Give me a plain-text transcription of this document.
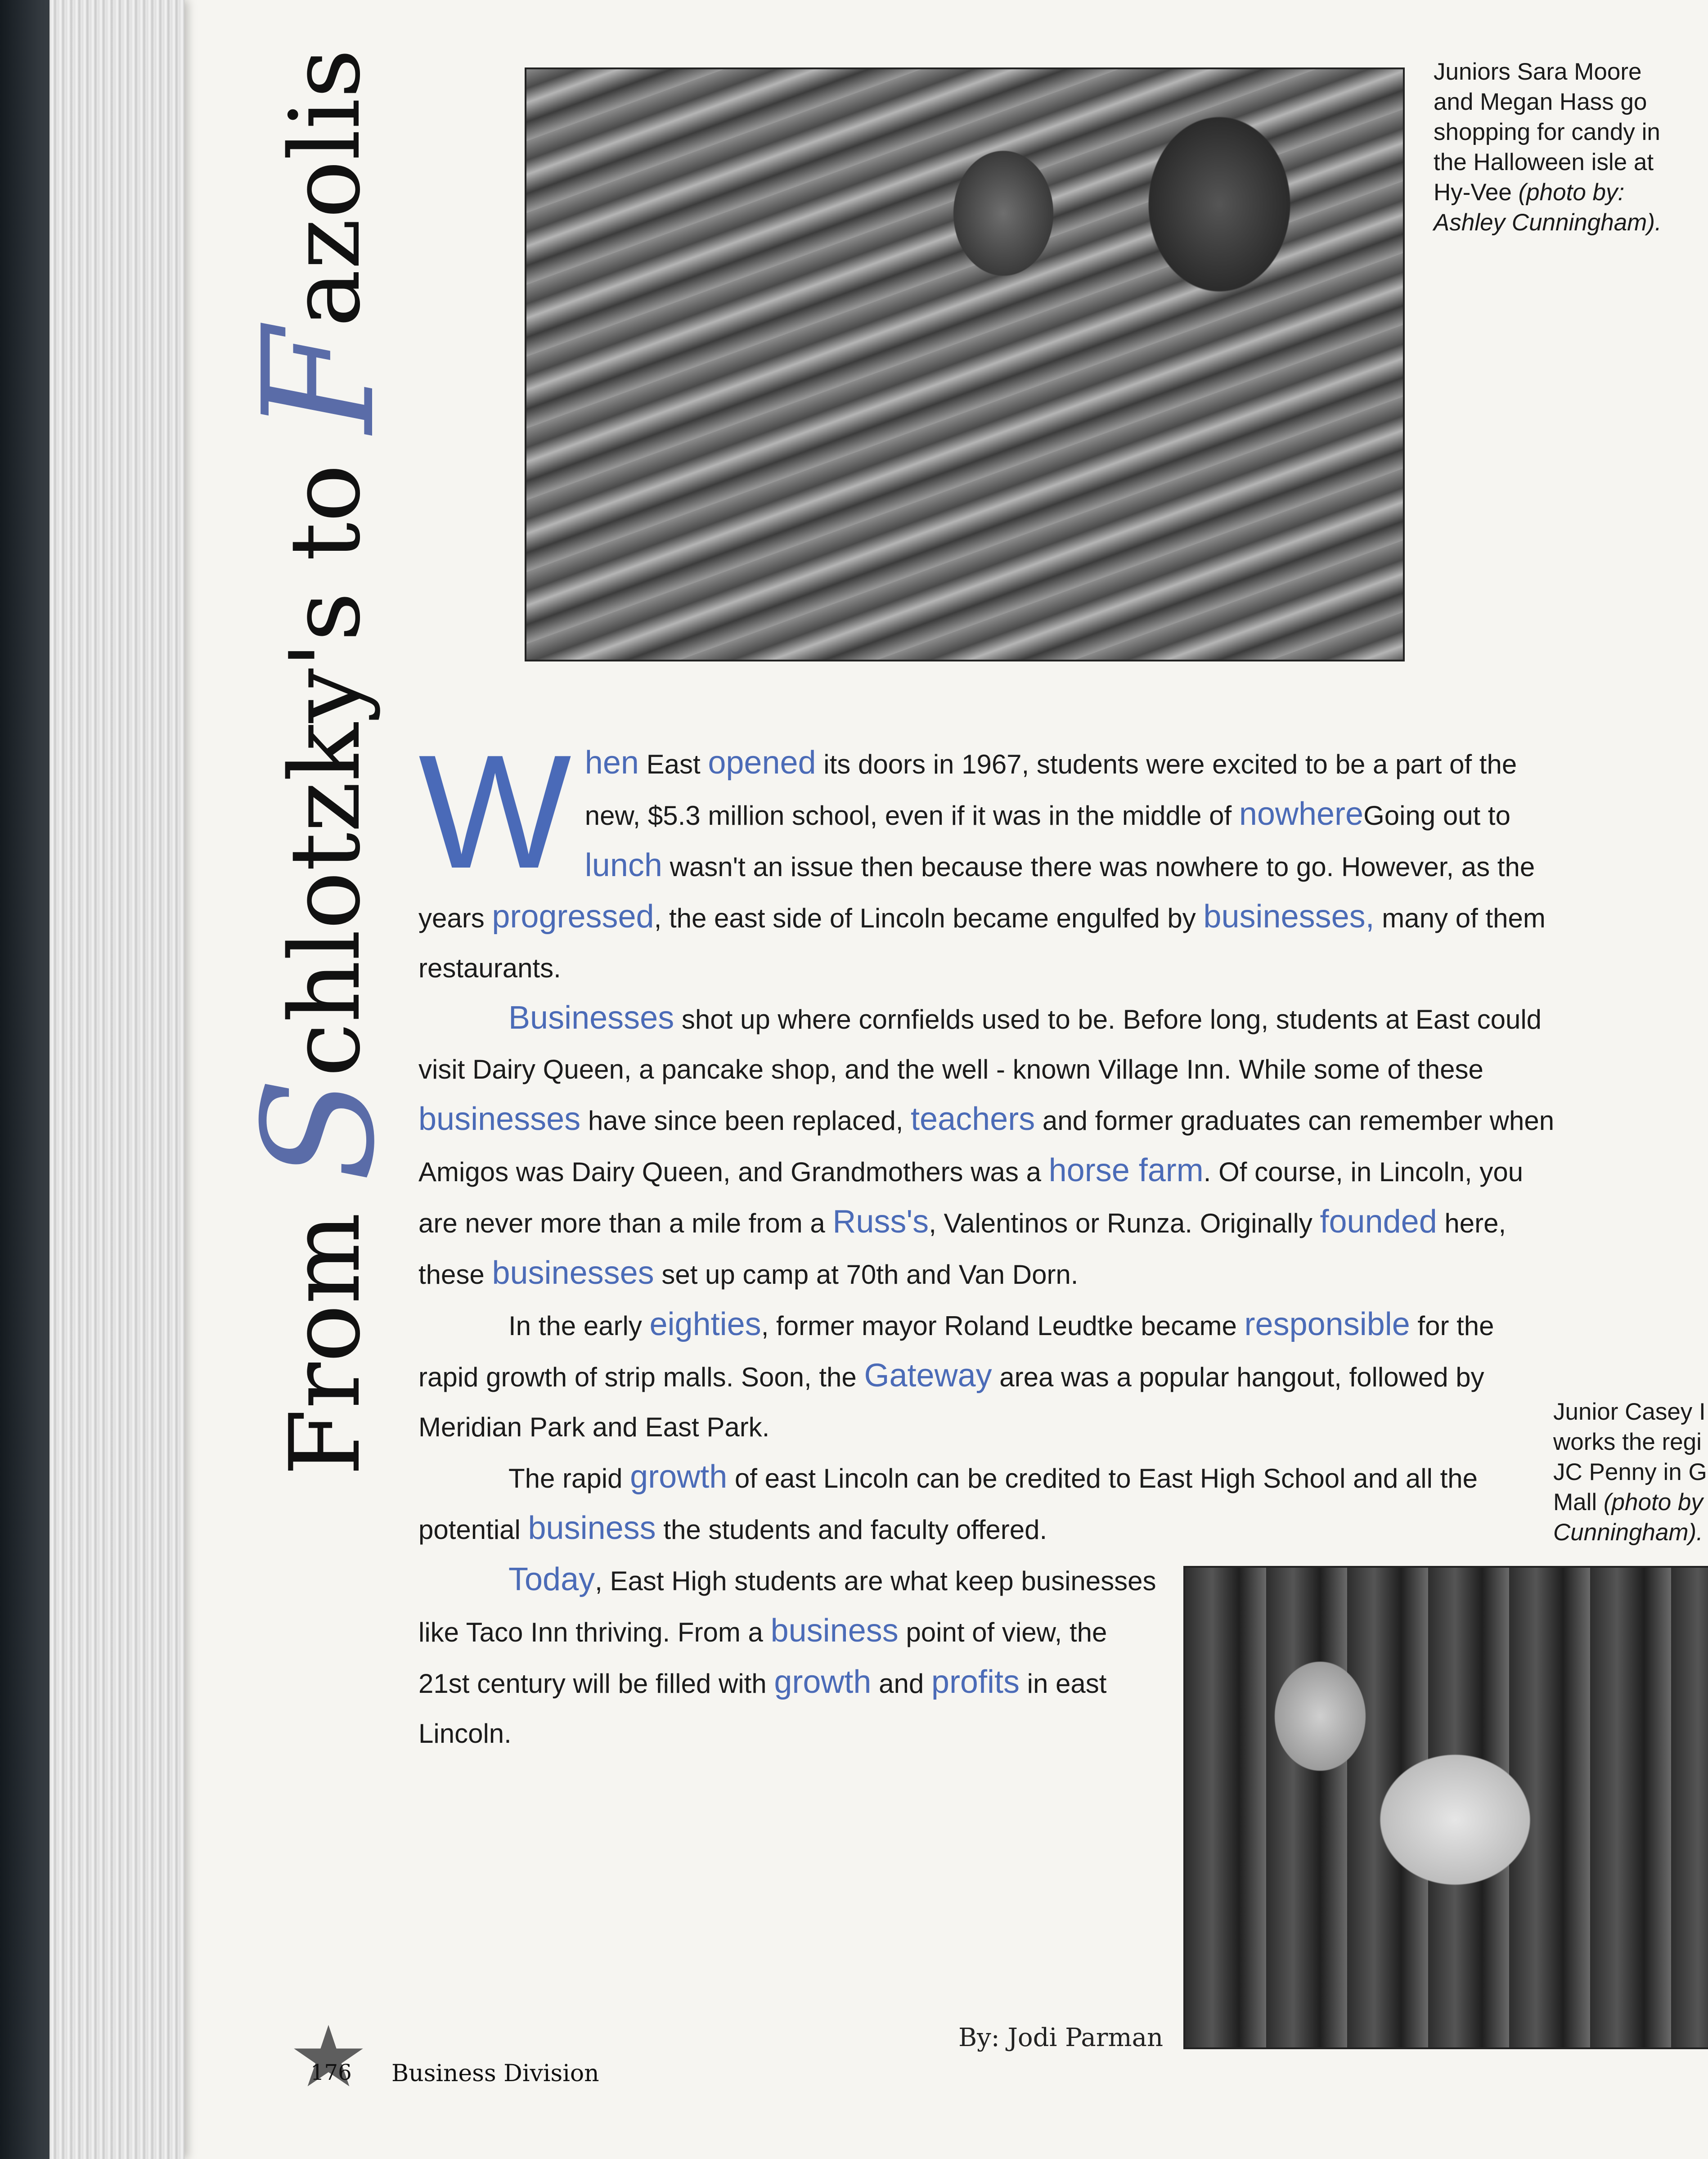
From Schlotzky's to Fazolis	Juniors Sara Moore and Megan Hass go shopping for candy in the Halloween isle at Hy-Vee (photo by: Ashley Cunningham).
Junior Casey I
works the regi
JC Penny in G
Mall (photo by
Cunningham).
W hen East opened its doors in 1967, students were excited to be a part of the new, $5.3 million school, even if it was in the middle of nowhereGoing out to lunch wasn't an issue then because there was nowhere to go. However, as the years progressed, the east side of Lincoln became engulfed by businesses, many of them restaurants.

Businesses shot up where cornfields used to be. Before long, students at East could visit Dairy Queen, a pancake shop, and the well - known Village Inn. While some of these businesses have since been replaced, teachers and former graduates can remember when Amigos was Dairy Queen, and Grandmothers was a horse farm. Of course, in Lincoln, you are never more than a mile from a Russ's, Valentinos or Runza. Originally founded here, these businesses set up camp at 70th and Van Dorn.

In the early eighties, former mayor Roland Leudtke became responsible for the rapid growth of strip malls. Soon, the Gateway area was a popular hangout, followed by Meridian Park and East Park.

The rapid growth of east Lincoln can be credited to East High School and all the potential business the students and faculty offered.

Today, East High students are what keep businesses like Taco Inn thriving. From a business point of view, the 21st century will be filled with growth and profits in east Lincoln.

By: Jodi Parman
176 Business Division
